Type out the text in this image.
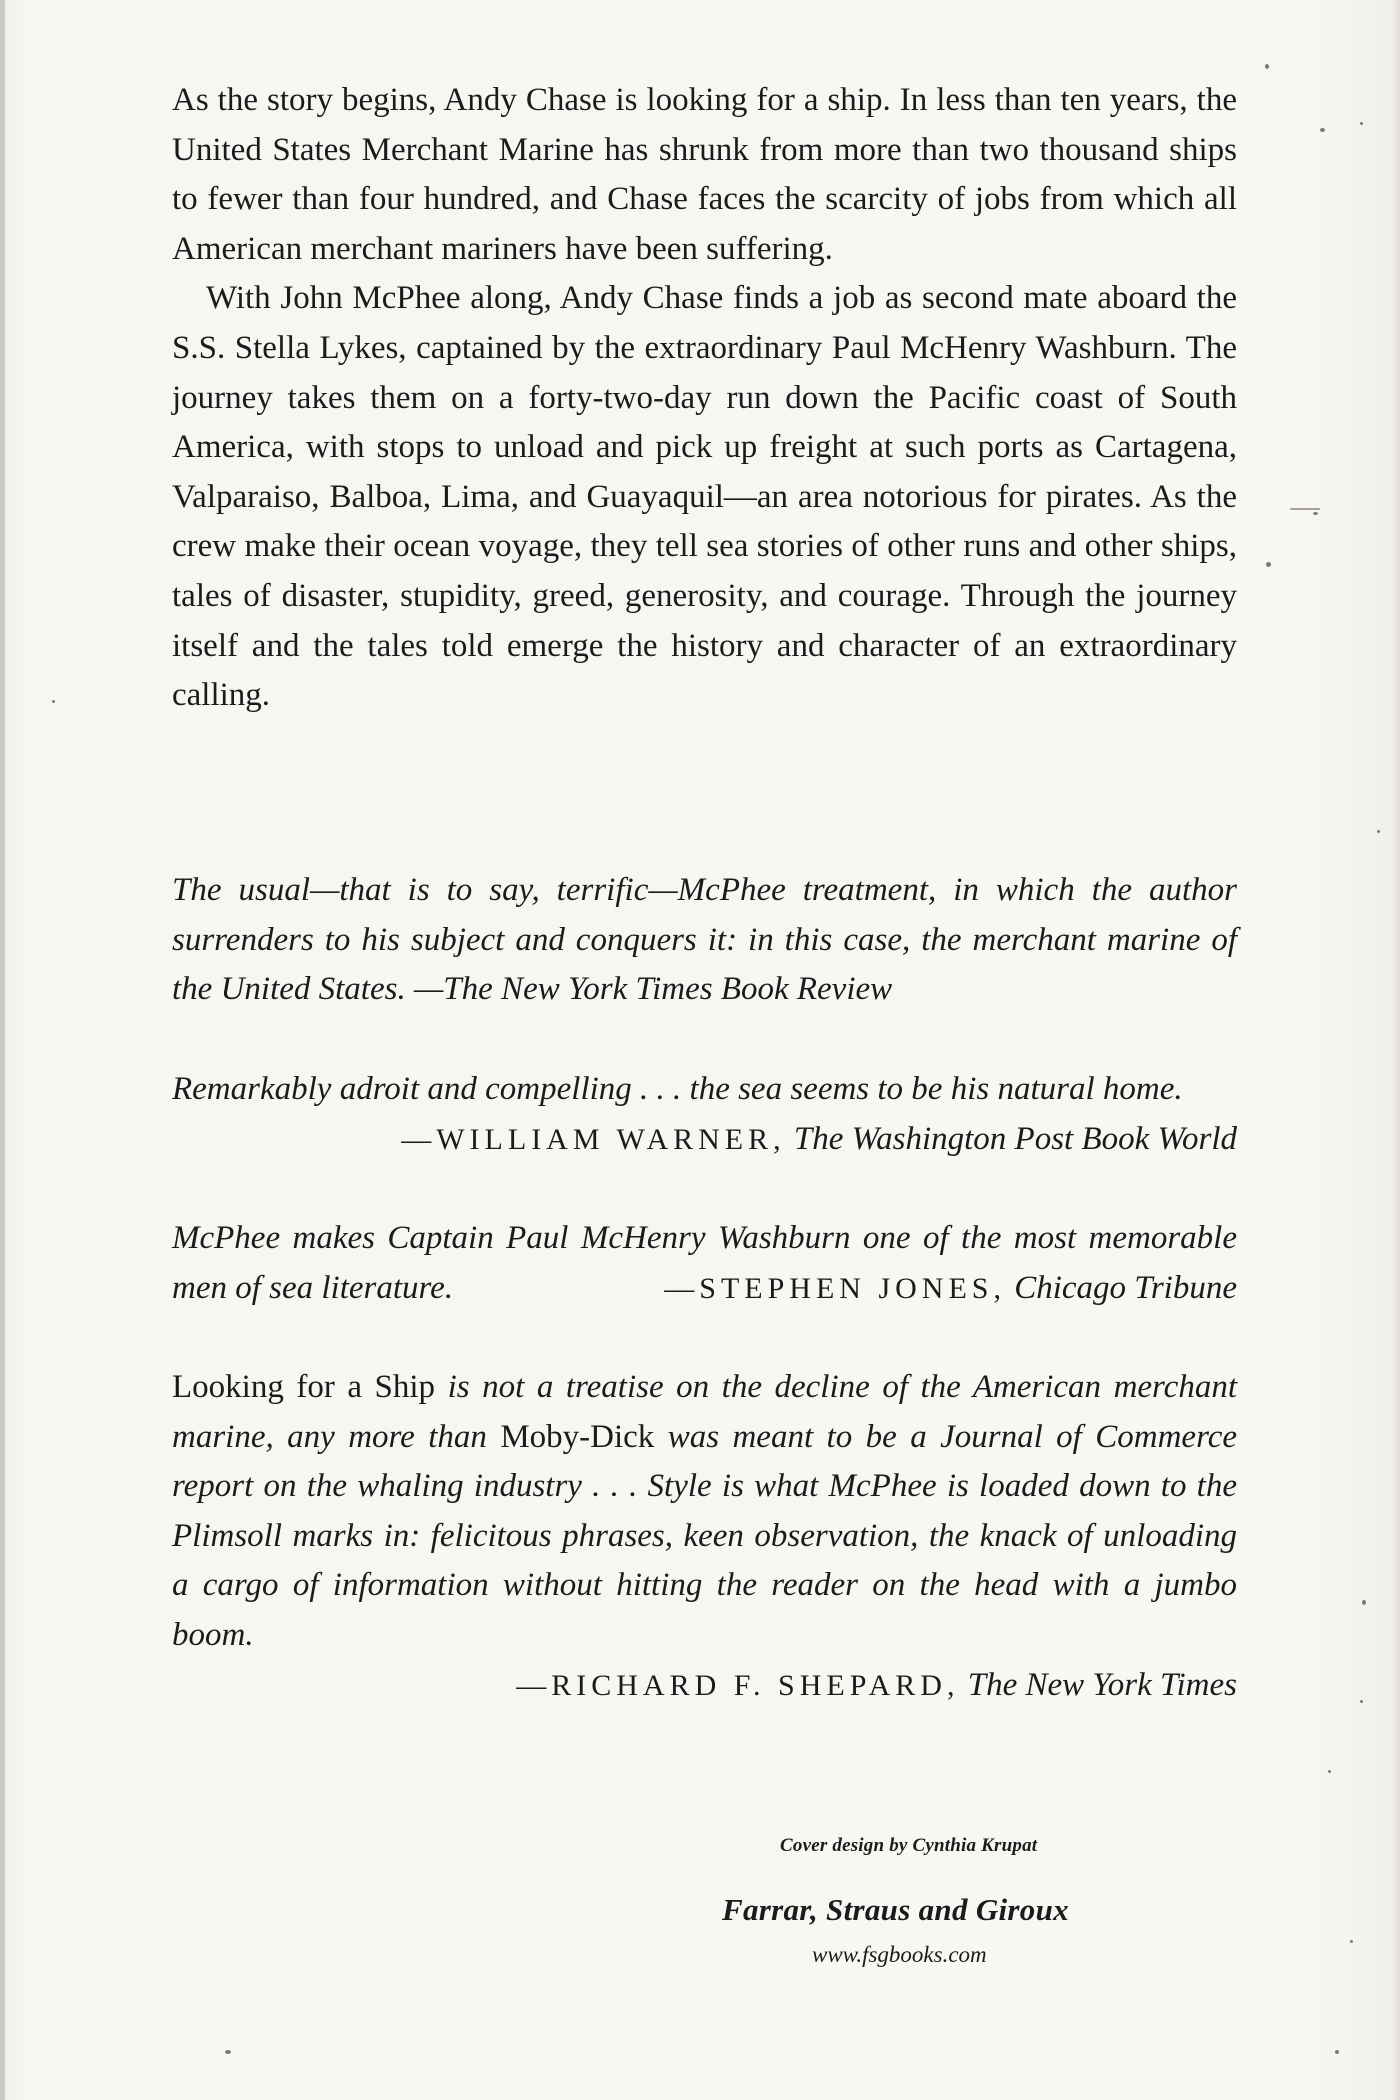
As the story begins, Andy Chase is looking for a ship. In less than ten years, the United States Merchant Marine has shrunk from more than two thousand ships to fewer than four hundred, and Chase faces the scarcity of jobs from which all American merchant mariners have been suffering.

With John McPhee along, Andy Chase finds a job as second mate aboard the S.S. Stella Lykes, captained by the extraordinary Paul McHenry Washburn. The journey takes them on a forty-two-day run down the Pacific coast of South America, with stops to unload and pick up freight at such ports as Cartagena, Valparaiso, Balboa, Lima, and Guayaquil—an area notorious for pirates. As the crew make their ocean voyage, they tell sea stories of other runs and other ships, tales of disaster, stupidity, greed, generosity, and courage. Through the journey itself and the tales told emerge the history and character of an extraordinary calling.

The usual—that is to say, terrific—McPhee treatment, in which the author surrenders to his subject and conquers it: in this case, the merchant marine of the United States. —The New York Times Book Review

Remarkably adroit and compelling . . . the sea seems to be his natural home.
—WILLIAM WARNER, The Washington Post Book World

McPhee makes Captain Paul McHenry Washburn one of the most memorable men of sea literature.	—STEPHEN JONES, Chicago Tribune

Looking for a Ship is not a treatise on the decline of the American merchant marine, any more than Moby-Dick was meant to be a Journal of Commerce report on the whaling industry . . . Style is what McPhee is loaded down to the Plimsoll marks in: felicitous phrases, keen observation, the knack of unloading a cargo of information without hitting the reader on the head with a jumbo boom.
—RICHARD F. SHEPARD, The New York Times

Cover design by Cynthia Krupat
Farrar, Straus and Giroux
www.fsgbooks.com
